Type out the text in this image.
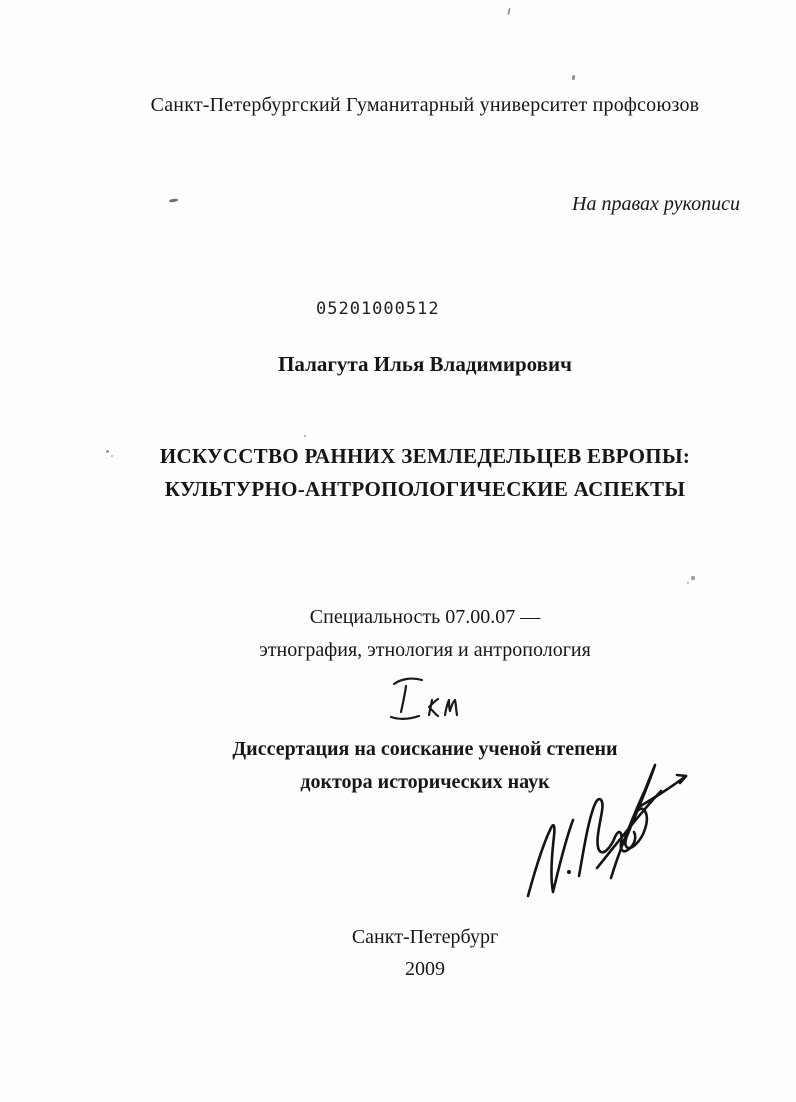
Санкт-Петербургский Гуманитарный университет профсоюзов
На правах рукописи
05201000512
Палагута Илья Владимирович
ИСКУССТВО РАННИХ ЗЕМЛЕДЕЛЬЦЕВ ЕВРОПЫ:
КУЛЬТУРНО-АНТРОПОЛОГИЧЕСКИЕ АСПЕКТЫ
Специальность 07.00.07 —
этнография, этнология и антропология
Диссертация на соискание ученой степени
доктора исторических наук
Санкт-Петербург
2009
